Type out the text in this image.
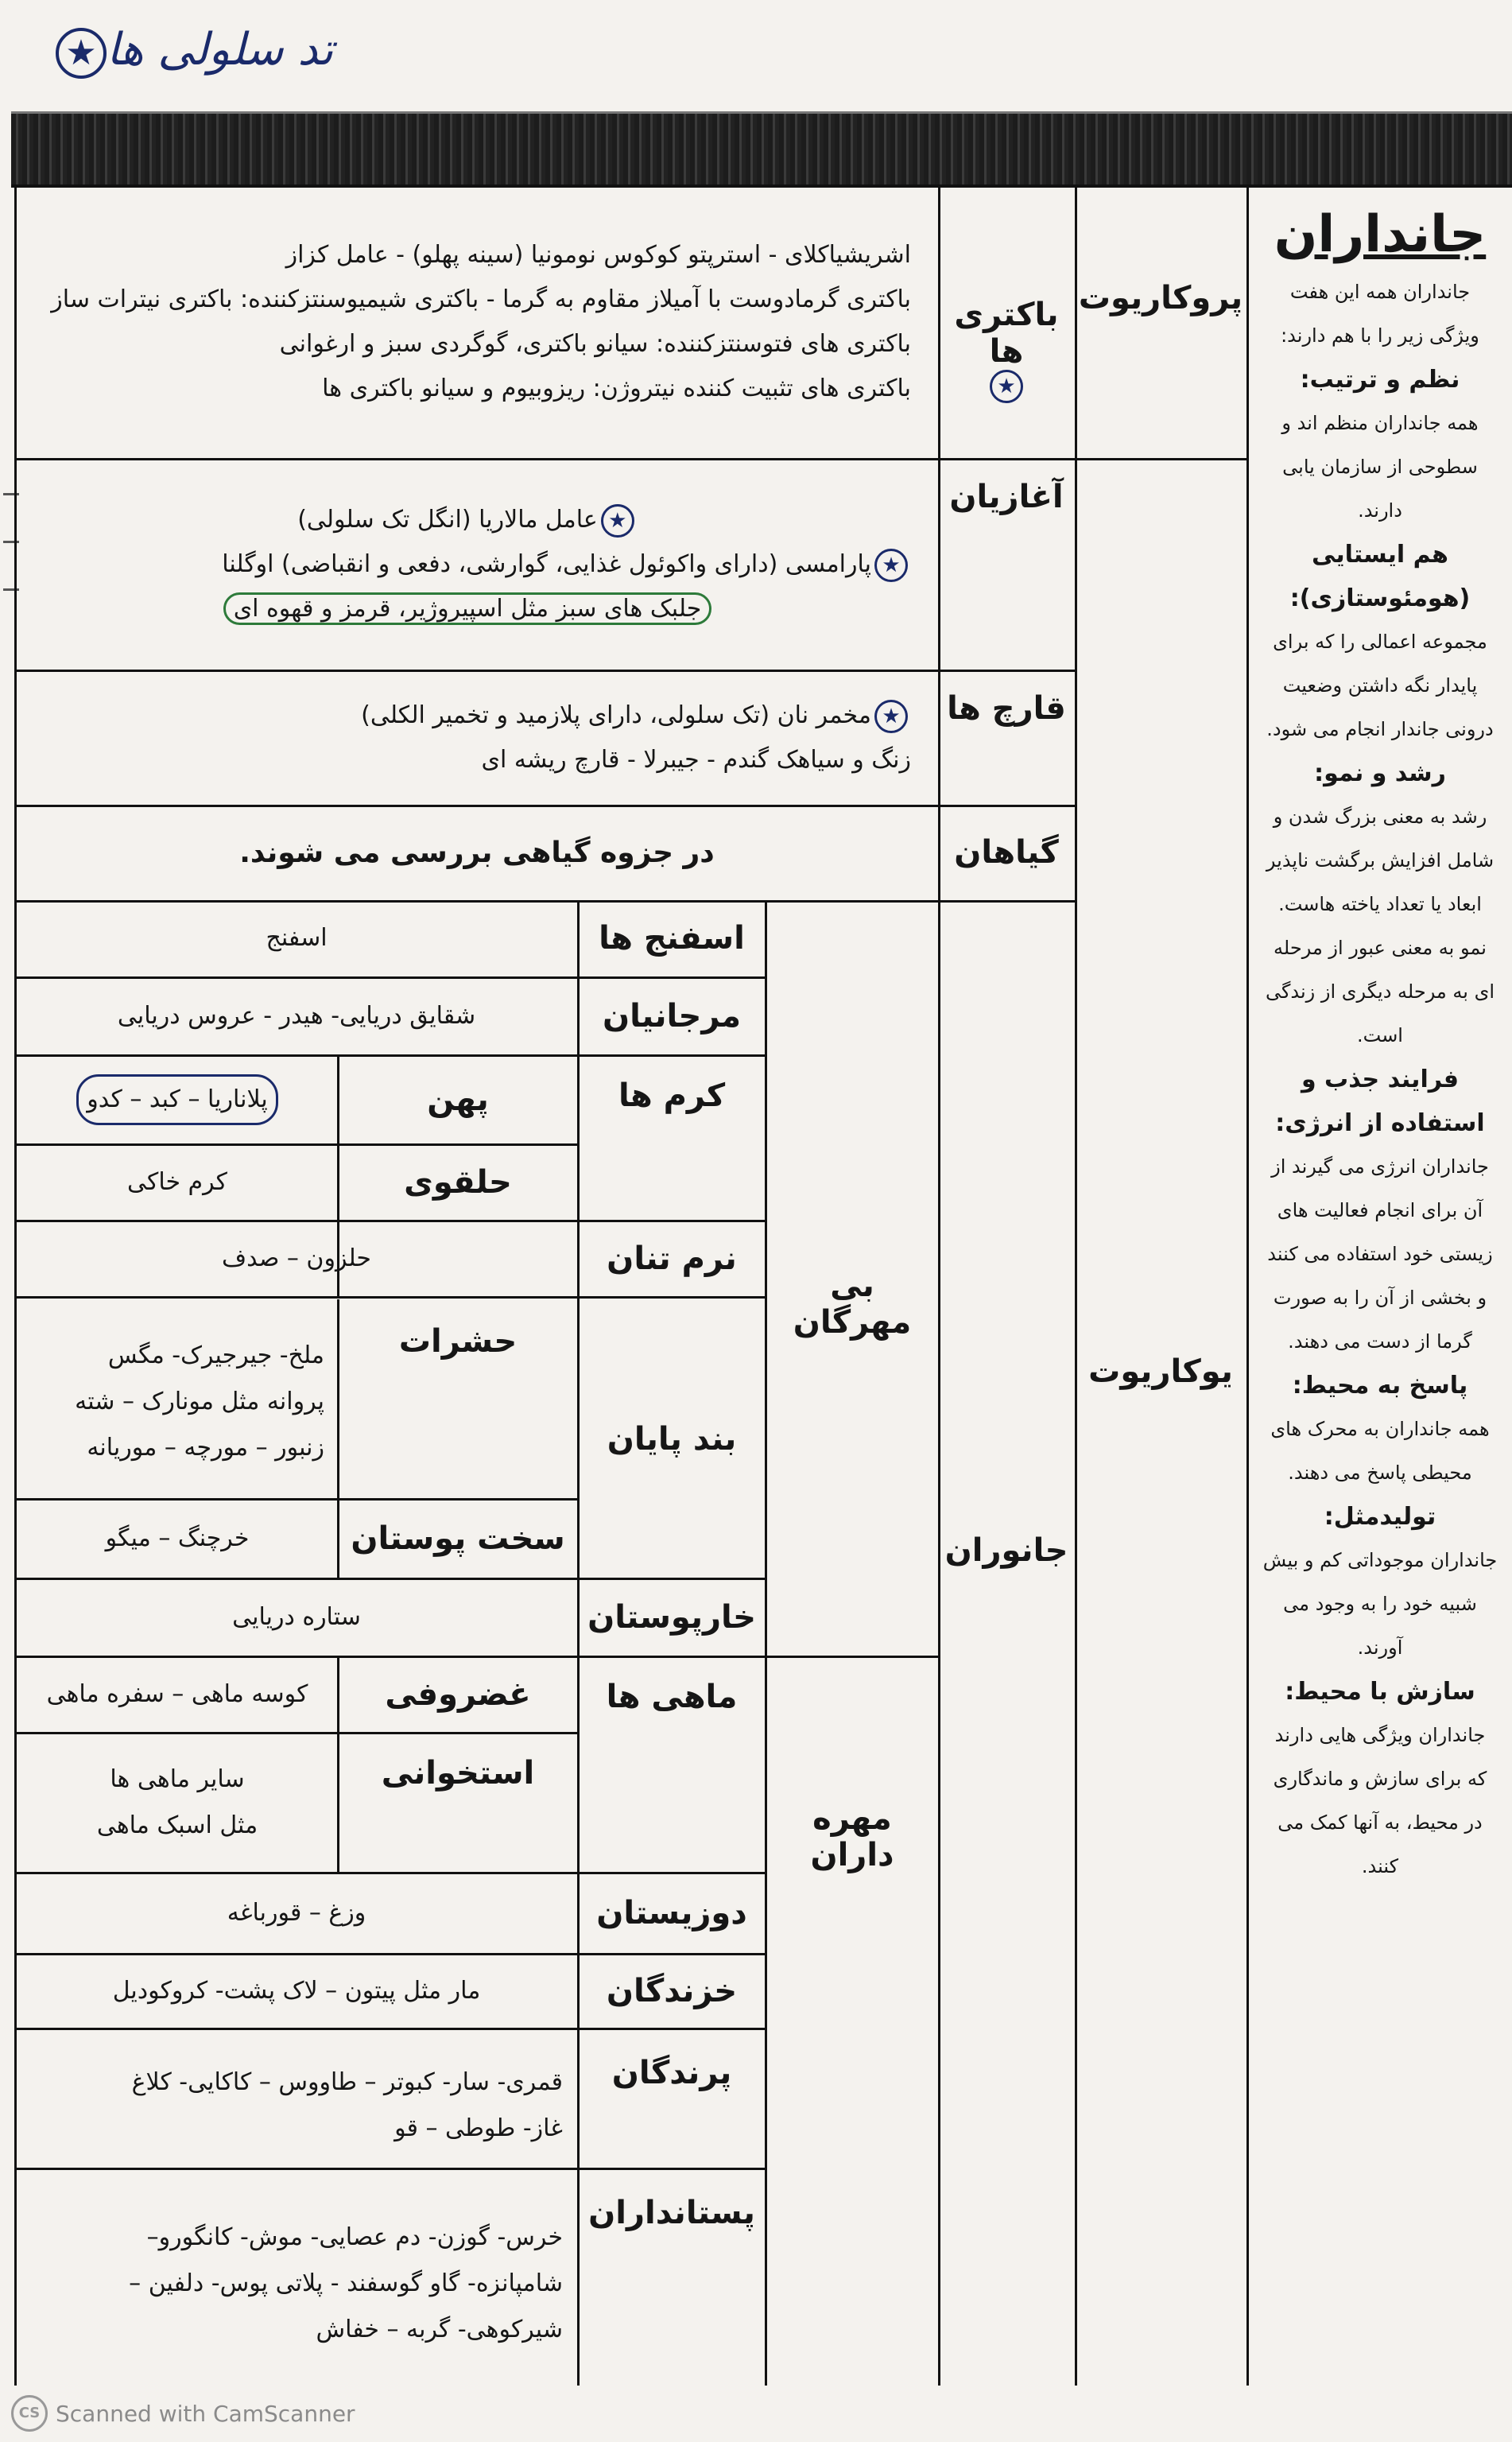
تد سلولی ها★
پروکاریوت
یوکاریوت
باکتری ها
★
اشریشیاکلای - استرپتو کوکوس نومونیا (سینه پهلو) - عامل کزاز
باکتری گرمادوست با آمیلاز مقاوم به گرما - باکتری شیمیوسنتزکننده: باکتری نیترات ساز
باکتری های فتوسنتزکننده: سیانو باکتری، گوگردی سبز و ارغوانی
باکتری های تثبیت کننده نیتروژن: ریزوبیوم و سیانو باکتری ها
آغازیان
★عامل مالاریا (انگل تک سلولی)
★پارامسی (دارای واکوئول غذایی، گوارشی، دفعی و انقباضی) اوگلنا
جلبک های سبز مثل اسپیروژیر، قرمز و قهوه ای
قارچ ها
★مخمر نان (تک سلولی، دارای پلازمید و تخمیر الکلی)
زنگ و سیاهک گندم - جیبرلا - قارچ ریشه ای
گیاهان
در جزوه گیاهی بررسی می شوند.
جانوران
بی مهرگان
مهره داران
اسفنج ها
اسفنج
مرجانیان
شقایق دریایی- هیدر - عروس دریایی
کرم ها
پهن
پلاناریا – کبد – کدو
حلقوی
کرم خاکی
نرم تنان
حلزون – صدف
بند پایان
حشرات
ملخ- جیرجیرک- مگس
پروانه مثل مونارک – شته
زنبور – مورچه – موریانه
سخت پوستان
خرچنگ – میگو
خارپوستان
ستاره دریایی
ماهی ها
غضروفی
کوسه ماهی – سفره ماهی
استخوانی
سایر ماهی ها
مثل اسبک ماهی
دوزیستان
وزغ – قورباغه
خزندگان
مار مثل پیتون – لاک پشت- کروکودیل
پرندگان
قمری- سار- کبوتر – طاووس – کاکایی- کلاغ
غاز- طوطی – قو
پستانداران
خرس- گوزن- دم عصایی- موش- کانگورو–
شامپانزه- گاو گوسفند - پلاتی پوس- دلفین –
شیرکوهی- گربه – خفاش
جانداران
جانداران همه این هفت ویژگی زیر را با هم دارند:
نظم و ترتیب:
همه جانداران منظم اند و سطوحی از سازمان یابی دارند.
هم ایستایی (هومئوستازی):
مجموعه اعمالی را که برای پایدار نگه داشتن وضعیت درونی جاندار انجام می شود.
رشد و نمو:
رشد به معنی بزرگ شدن و شامل افزایش برگشت ناپذیر ابعاد یا تعداد یاخته هاست. نمو به معنی عبور از مرحله ای به مرحله دیگری از زندگی است.
فرایند جذب و استفاده از انرژی:
جانداران انرژی می گیرند از آن برای انجام فعالیت های زیستی خود استفاده می کنند و بخشی از آن را به صورت گرما از دست می دهند.
پاسخ به محیط:
همه جانداران به محرک های محیطی پاسخ می دهند.
تولیدمثل:
جانداران موجوداتی کم و بیش شبیه خود را به وجود می آورند.
سازش با محیط:
جانداران ویژگی هایی دارند که برای سازش و ماندگاری در محیط، به آنها کمک می کنند.
CS Scanned with CamScanner
